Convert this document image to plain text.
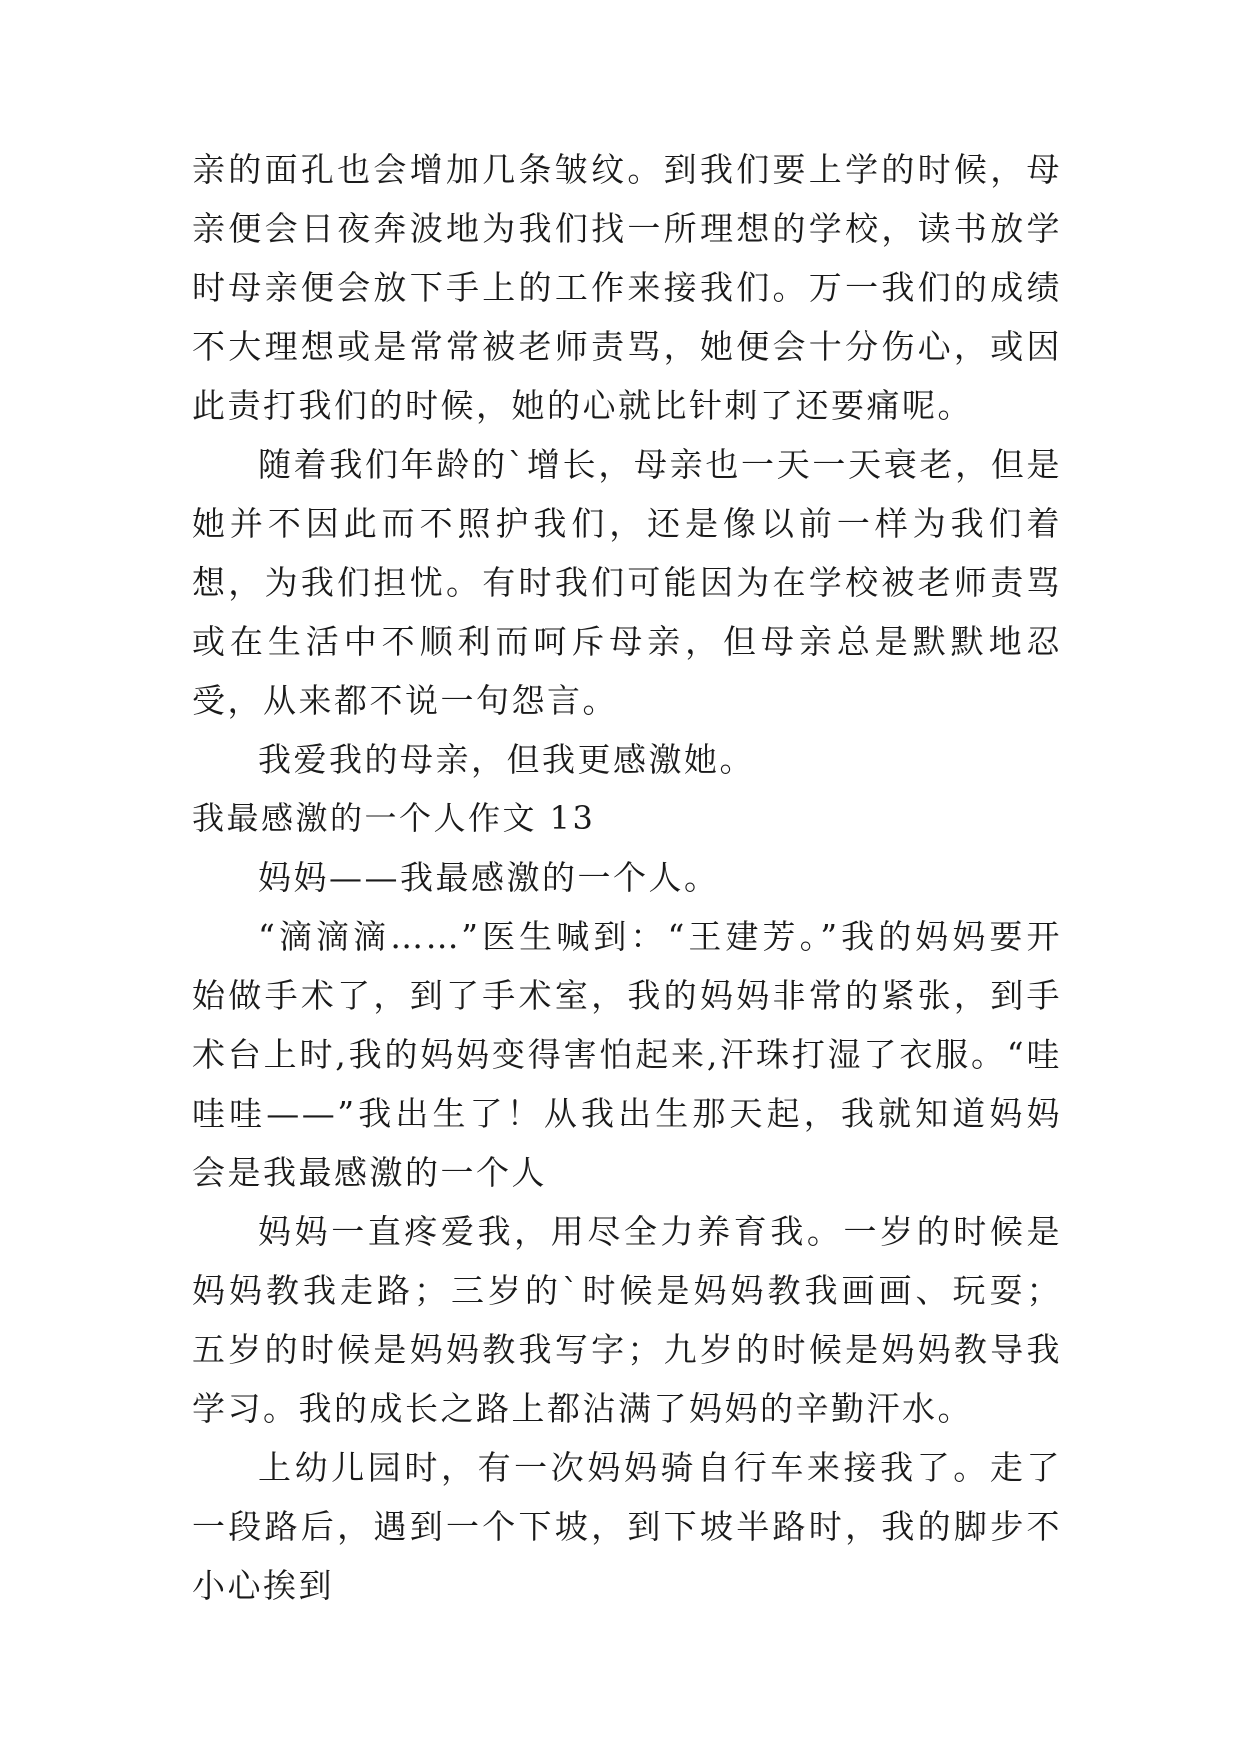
亲的面孔也会增加几条皱纹。到我们要上学的时候，母亲便会日夜奔波地为我们找一所理想的学校，读书放学时母亲便会放下手上的工作来接我们。万一我们的成绩不大理想或是常常被老师责骂，她便会十分伤心，或因此责打我们的时候，她的心就比针刺了还要痛呢。

随着我们年龄的`增长，母亲也一天一天衰老，但是她并不因此而不照护我们，还是像以前一样为我们着想，为我们担忧。有时我们可能因为在学校被老师责骂或在生活中不顺利而呵斥母亲，但母亲总是默默地忍受，从来都不说一句怨言。

我爱我的母亲，但我更感激她。

我最感激的一个人作文 13

妈妈——我最感激的一个人。

“滴滴滴……”医生喊到：“王建芳。”我的妈妈要开始做手术了，到了手术室，我的妈妈非常的紧张，到手术台上时,我的妈妈变得害怕起来,汗珠打湿了衣服。“哇哇哇——”我出生了！从我出生那天起，我就知道妈妈会是我最感激的一个人

妈妈一直疼爱我，用尽全力养育我。一岁的时候是妈妈教我走路；三岁的`时候是妈妈教我画画、玩耍；五岁的时候是妈妈教我写字；九岁的时候是妈妈教导我学习。我的成长之路上都沾满了妈妈的辛勤汗水。

上幼儿园时，有一次妈妈骑自行车来接我了。走了一段路后，遇到一个下坡，到下坡半路时，我的脚步不小心挨到
